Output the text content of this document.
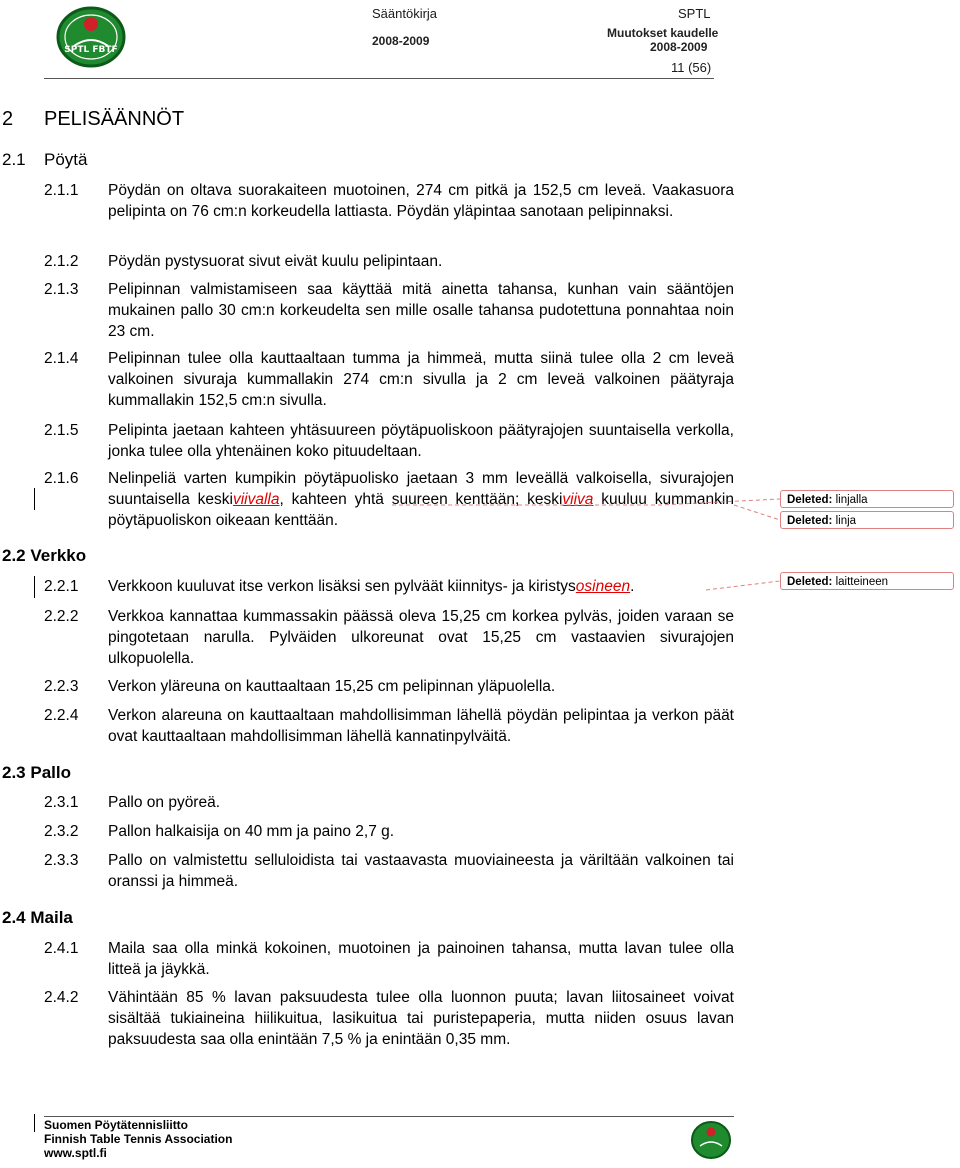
SPTL FBTF
Sääntökirja
2008-2009
SPTL
Muutokset kaudelle
2008-2009
11 (56)
2 PELISÄÄNNÖT
2.1 Pöytä
2.1.1	Pöydän on oltava suorakaiteen muotoinen, 274 cm pitkä ja 152,5 cm leveä. Vaakasuora pelipinta on 76 cm:n korkeudella lattiasta. Pöydän yläpintaa sanotaan pelipinnaksi.
2.1.2	Pöydän pystysuorat sivut eivät kuulu pelipintaan.
2.1.3	Pelipinnan valmistamiseen saa käyttää mitä ainetta tahansa, kunhan vain sääntöjen mukainen pallo 30 cm:n korkeudelta sen mille osalle tahansa pudotettuna ponnahtaa noin 23 cm.
2.1.4	Pelipinnan tulee olla kauttaaltaan tumma ja himmeä, mutta siinä tulee olla 2 cm leveä valkoinen sivuraja kummallakin 274 cm:n sivulla ja 2 cm leveä valkoinen päätyraja kummallakin 152,5 cm:n sivulla.
2.1.5	Pelipinta jaetaan kahteen yhtäsuureen pöytäpuoliskoon päätyrajojen suuntaisella verkolla, jonka tulee olla yhtenäinen koko pituudeltaan.
2.1.6	Nelinpeliä varten kumpikin pöytäpuolisko jaetaan 3 mm leveällä valkoisella, sivurajojen suuntaisella keskiviivalla, kahteen yhtä suureen kenttään; keskiviiva kuuluu kummankin pöytäpuoliskon oikeaan kenttään.
2.2 Verkko
2.2.1	Verkkoon kuuluvat itse verkon lisäksi sen pylväät kiinnitys- ja kiristysosineen.
2.2.2	Verkkoa kannattaa kummassakin päässä oleva 15,25 cm korkea pylväs, joiden varaan se pingotetaan narulla. Pylväiden ulkoreunat ovat 15,25 cm vastaavien sivurajojen ulkopuolella.
2.2.3	Verkon yläreuna on kauttaaltaan 15,25 cm pelipinnan yläpuolella.
2.2.4	Verkon alareuna on kauttaaltaan mahdollisimman lähellä pöydän pelipintaa ja verkon päät ovat kauttaaltaan mahdollisimman lähellä kannatinpylväitä.
2.3 Pallo
2.3.1	Pallo on pyöreä.
2.3.2	Pallon halkaisija on 40 mm ja paino 2,7 g.
2.3.3	Pallo on valmistettu selluloidista tai vastaavasta muoviaineesta ja väriltään valkoinen tai oranssi ja himmeä.
2.4 Maila
2.4.1	Maila saa olla minkä kokoinen, muotoinen ja painoinen tahansa, mutta lavan tulee olla litteä ja jäykkä.
2.4.2	Vähintään 85 % lavan paksuudesta tulee olla luonnon puuta; lavan liitosaineet voivat sisältää tukiaineina hiilikuitua, lasikuitua tai puristepaperia, mutta niiden osuus lavan paksuudesta saa olla enintään 7,5 % ja enintään 0,35 mm.
Deleted: linjalla
Deleted: linja
Deleted: laitteineen
Suomen Pöytätennisliitto
Finnish Table Tennis Association
www.sptl.fi
